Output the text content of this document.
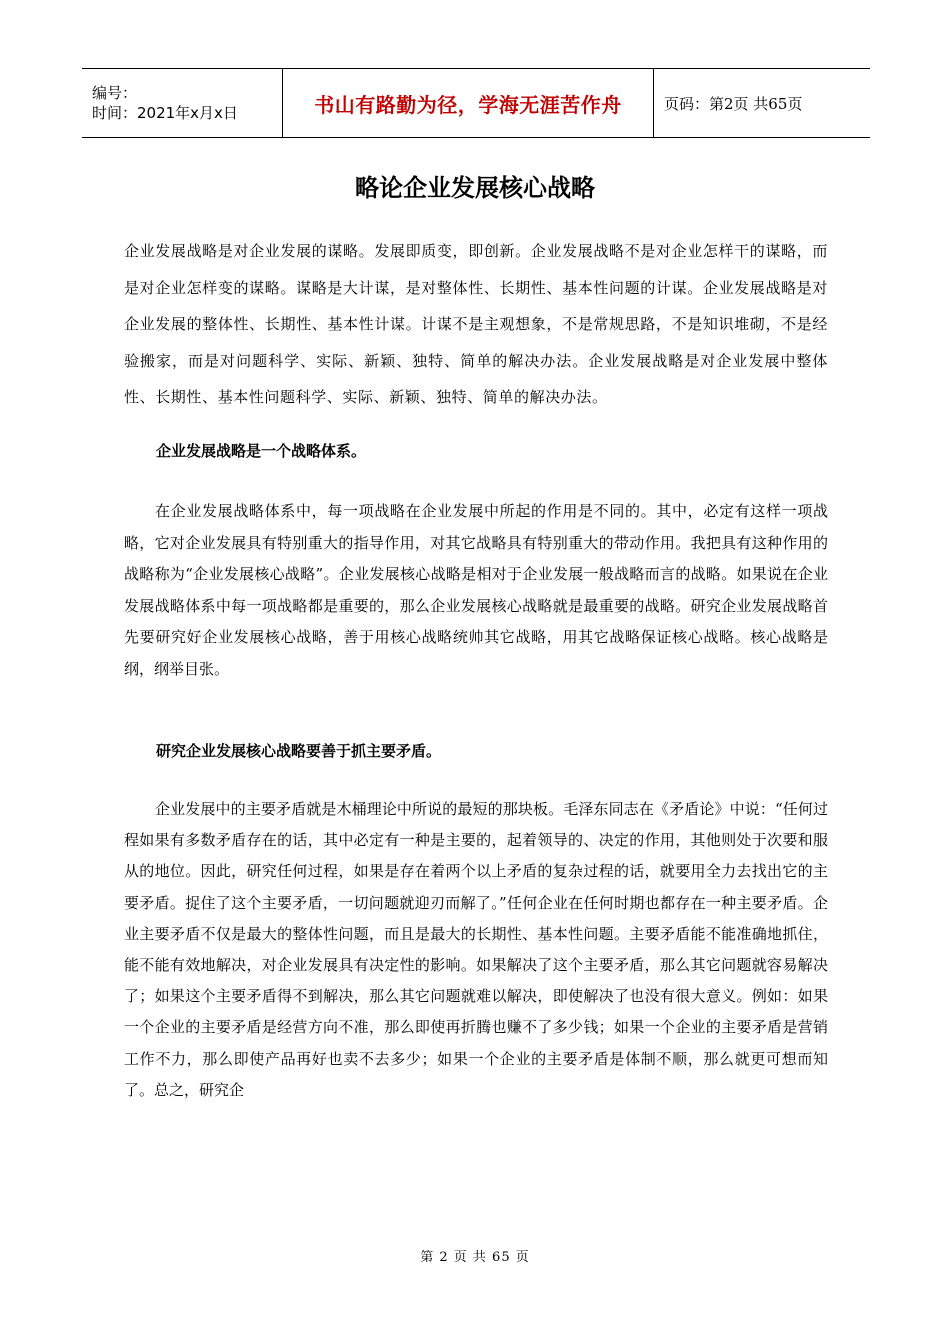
编号：
时间：2021年x月x日	书山有路勤为径，学海无涯苦作舟	页码：第2页 共65页
略论企业发展核心战略

企业发展战略是对企业发展的谋略。发展即质变，即创新。企业发展战略不是对企业怎样干的谋略，而是对企业怎样变的谋略。谋略是大计谋，是对整体性、长期性、基本性问题的计谋。企业发展战略是对企业发展的整体性、长期性、基本性计谋。计谋不是主观想象，不是常规思路，不是知识堆砌，不是经验搬家，而是对问题科学、实际、新颖、独特、简单的解决办法。企业发展战略是对企业发展中整体性、长期性、基本性问题科学、实际、新颖、独特、简单的解决办法。

企业发展战略是一个战略体系。

在企业发展战略体系中，每一项战略在企业发展中所起的作用是不同的。其中，必定有这样一项战略，它对企业发展具有特别重大的指导作用，对其它战略具有特别重大的带动作用。我把具有这种作用的战略称为“企业发展核心战略”。企业发展核心战略是相对于企业发展一般战略而言的战略。如果说在企业发展战略体系中每一项战略都是重要的，那么企业发展核心战略就是最重要的战略。研究企业发展战略首先要研究好企业发展核心战略，善于用核心战略统帅其它战略，用其它战略保证核心战略。核心战略是纲，纲举目张。

研究企业发展核心战略要善于抓主要矛盾。

企业发展中的主要矛盾就是木桶理论中所说的最短的那块板。毛泽东同志在《矛盾论》中说：“任何过程如果有多数矛盾存在的话，其中必定有一种是主要的，起着领导的、决定的作用，其他则处于次要和服从的地位。因此，研究任何过程，如果是存在着两个以上矛盾的复杂过程的话，就要用全力去找出它的主要矛盾。捉住了这个主要矛盾，一切问题就迎刃而解了。”任何企业在任何时期也都存在一种主要矛盾。企业主要矛盾不仅是最大的整体性问题，而且是最大的长期性、基本性问题。主要矛盾能不能准确地抓住，能不能有效地解决，对企业发展具有决定性的影响。如果解决了这个主要矛盾，那么其它问题就容易解决了；如果这个主要矛盾得不到解决，那么其它问题就难以解决，即使解决了也没有很大意义。例如：如果一个企业的主要矛盾是经营方向不准，那么即使再折腾也赚不了多少钱；如果一个企业的主要矛盾是营销工作不力，那么即使产品再好也卖不去多少；如果一个企业的主要矛盾是体制不顺，那么就更可想而知了。总之，研究企

第 2 页 共 65 页
